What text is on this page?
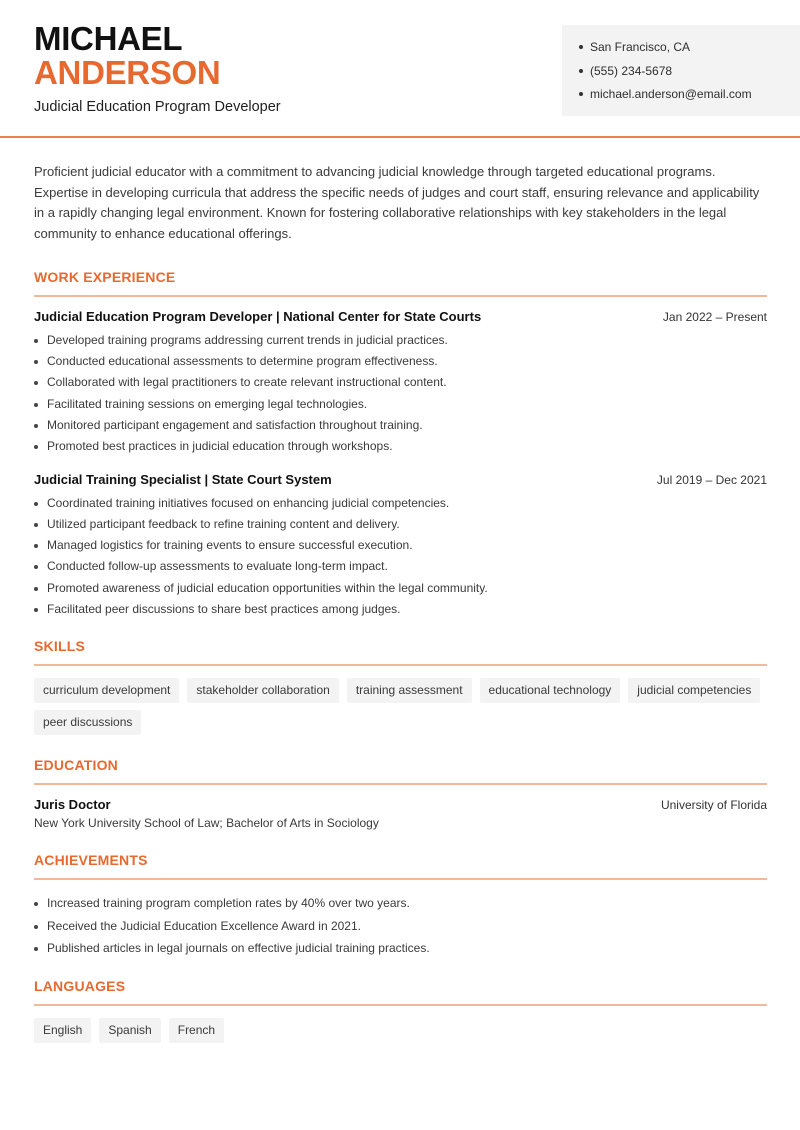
MICHAEL
ANDERSON
Judicial Education Program Developer
San Francisco, CA
(555) 234-5678
michael.anderson@email.com

Proficient judicial educator with a commitment to advancing judicial knowledge through targeted educational programs. Expertise in developing curricula that address the specific needs of judges and court staff, ensuring relevance and applicability in a rapidly changing legal environment. Known for fostering collaborative relationships with key stakeholders in the legal community to enhance educational offerings.

WORK EXPERIENCE
Judicial Education Program Developer | National Center for State Courts	Jan 2022 – Present
Developed training programs addressing current trends in judicial practices.
Conducted educational assessments to determine program effectiveness.
Collaborated with legal practitioners to create relevant instructional content.
Facilitated training sessions on emerging legal technologies.
Monitored participant engagement and satisfaction throughout training.
Promoted best practices in judicial education through workshops.
Judicial Training Specialist | State Court System	Jul 2019 – Dec 2021
Coordinated training initiatives focused on enhancing judicial competencies.
Utilized participant feedback to refine training content and delivery.
Managed logistics for training events to ensure successful execution.
Conducted follow-up assessments to evaluate long-term impact.
Promoted awareness of judicial education opportunities within the legal community.
Facilitated peer discussions to share best practices among judges.
SKILLS
curriculum development	stakeholder collaboration	training assessment	educational technology	judicial competencies
peer discussions
EDUCATION
Juris Doctor	University of Florida
New York University School of Law; Bachelor of Arts in Sociology
ACHIEVEMENTS
Increased training program completion rates by 40% over two years.
Received the Judicial Education Excellence Award in 2021.
Published articles in legal journals on effective judicial training practices.
LANGUAGES
English	Spanish	French
